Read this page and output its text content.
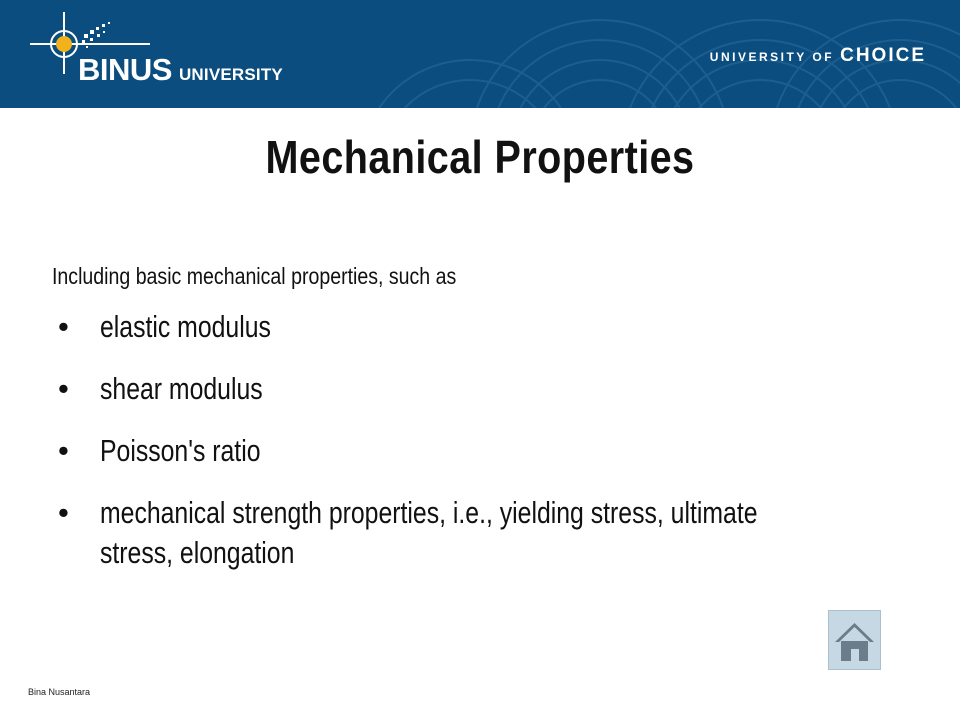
BINUS UNIVERSITY
UNIVERSITY OF CHOICE
Mechanical Properties

Including basic mechanical properties, such as

• elastic modulus
• shear modulus
• Poisson's ratio
• mechanical strength properties, i.e., yielding stress, ultimate stress, elongation
Bina Nusantara
